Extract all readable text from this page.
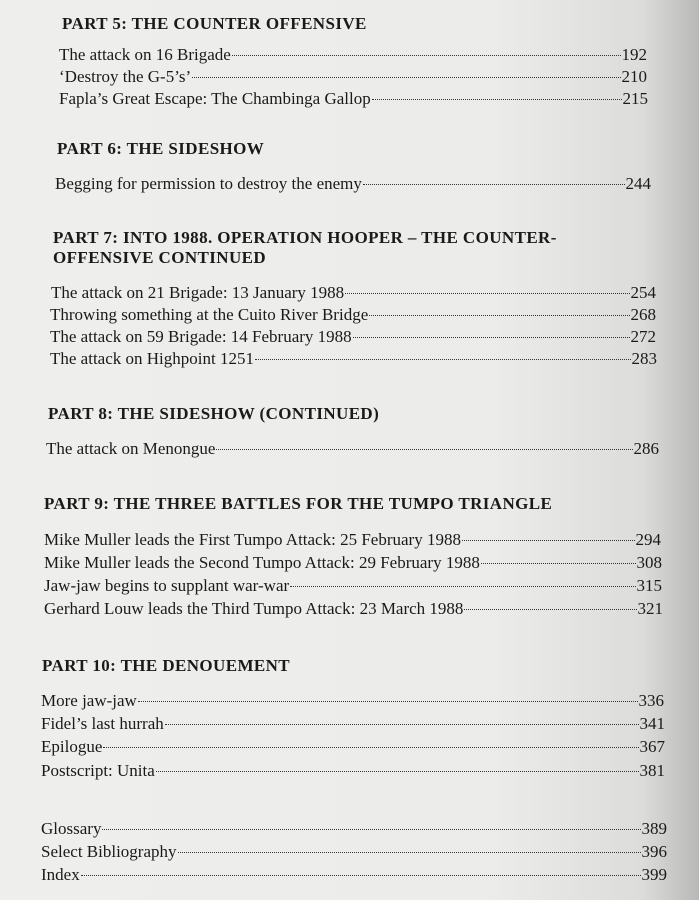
PART 5: THE COUNTER OFFENSIVE
The attack on 16 Brigade	192
‘Destroy the G-5’s’	210
Fapla’s Great Escape: The Chambinga Gallop	215
PART 6: THE SIDESHOW
Begging for permission to destroy the enemy	244
PART 7: INTO 1988. OPERATION HOOPER – THE COUNTER-
OFFENSIVE CONTINUED
The attack on 21 Brigade: 13 January 1988	254
Throwing something at the Cuito River Bridge	268
The attack on 59 Brigade: 14 February 1988	272
The attack on Highpoint 1251	283
PART 8: THE SIDESHOW (CONTINUED)
The attack on Menongue	286
PART 9: THE THREE BATTLES FOR THE TUMPO TRIANGLE
Mike Muller leads the First Tumpo Attack: 25 February 1988	294
Mike Muller leads the Second Tumpo Attack: 29 February 1988	308
Jaw-jaw begins to supplant war-war	315
Gerhard Louw leads the Third Tumpo Attack: 23 March 1988	321
PART 10: THE DENOUEMENT
More jaw-jaw	336
Fidel’s last hurrah	341
Epilogue	367
Postscript: Unita	381
Glossary	389
Select Bibliography	396
Index	399
